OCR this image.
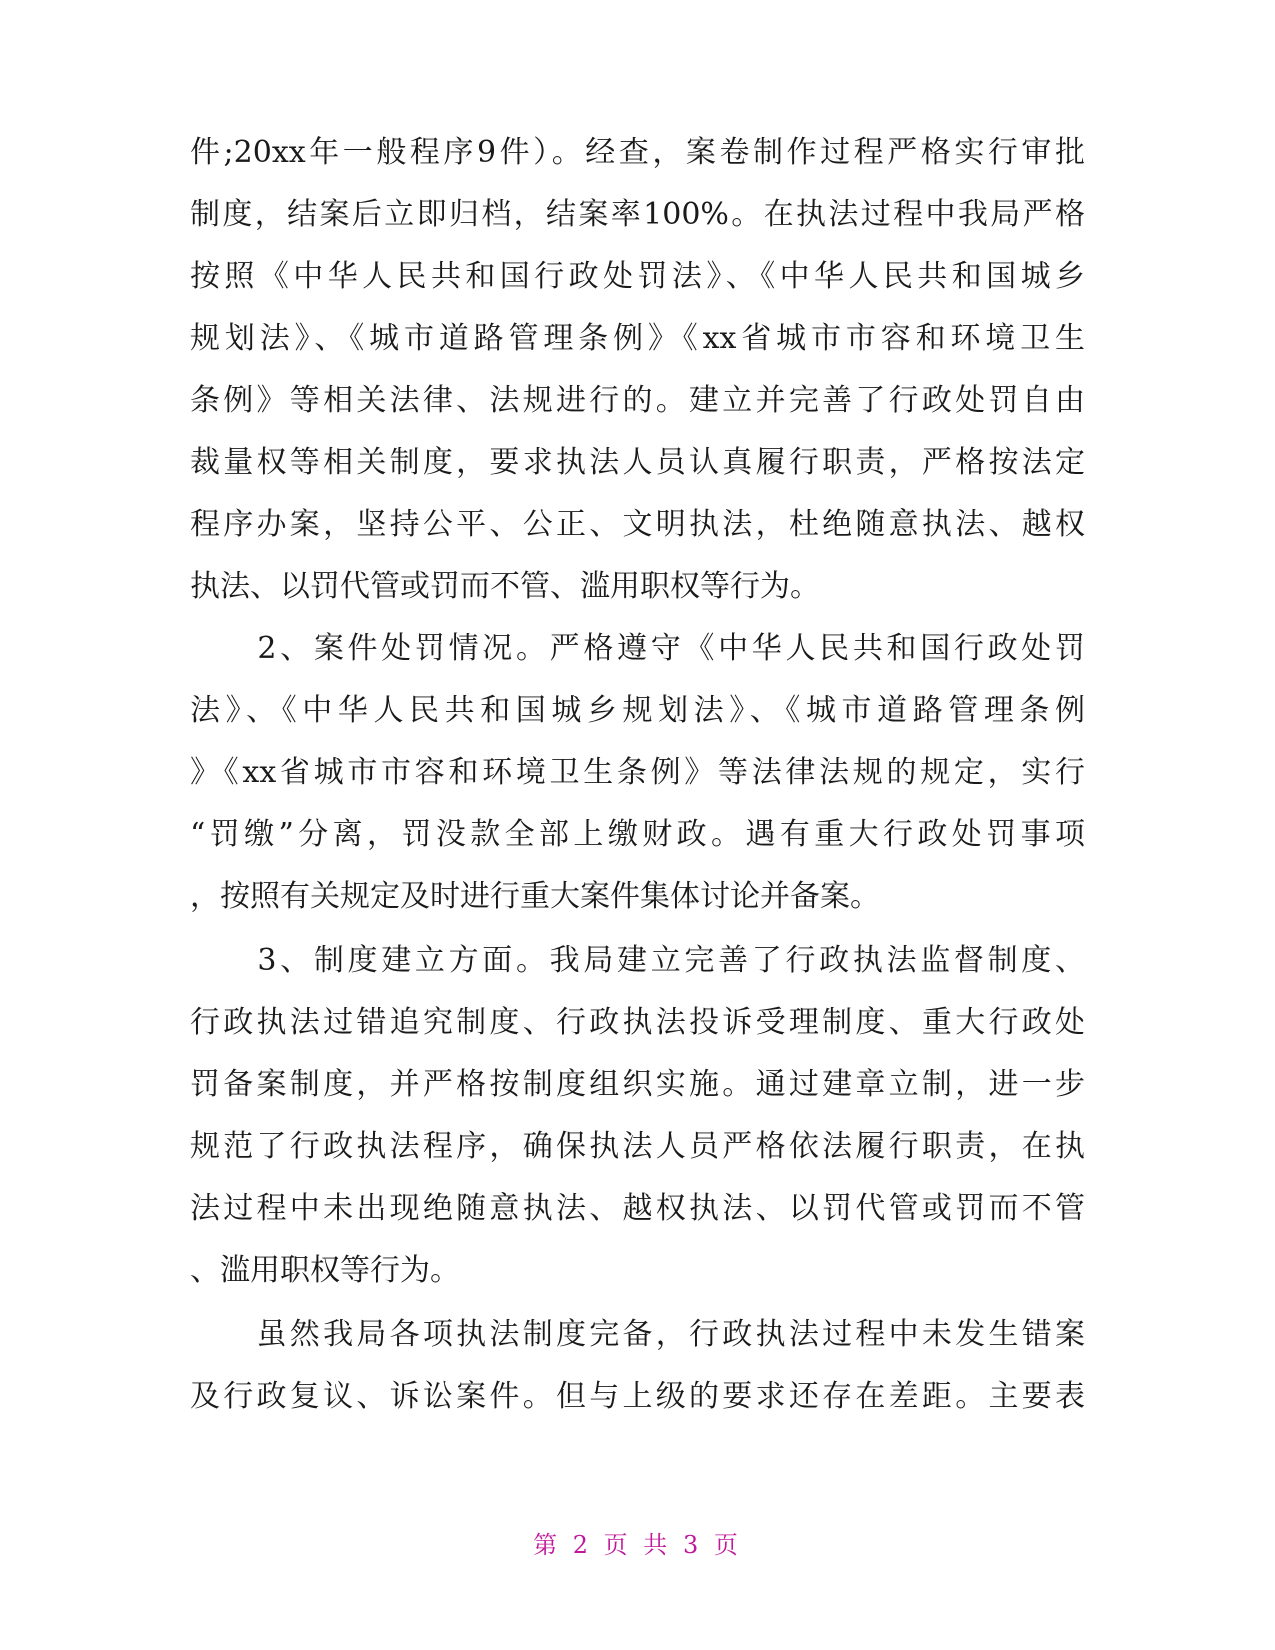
件;20xx年一般程序9件）。经查，案卷制作过程严格实行审批
制度，结案后立即归档，结案率100%。在执法过程中我局严格
按照《中华人民共和国行政处罚法》、《中华人民共和国城乡
规划法》、《城市道路管理条例》《xx省城市市容和环境卫生
条例》等相关法律、法规进行的。建立并完善了行政处罚自由
裁量权等相关制度，要求执法人员认真履行职责，严格按法定
程序办案，坚持公平、公正、文明执法，杜绝随意执法、越权
执法、以罚代管或罚而不管、滥用职权等行为。
　　2、案件处罚情况。严格遵守《中华人民共和国行政处罚
法》、《中华人民共和国城乡规划法》、《城市道路管理条例
》《xx省城市市容和环境卫生条例》等法律法规的规定，实行
“罚缴”分离，罚没款全部上缴财政。遇有重大行政处罚事项
，按照有关规定及时进行重大案件集体讨论并备案。
　　3、制度建立方面。我局建立完善了行政执法监督制度、
行政执法过错追究制度、行政执法投诉受理制度、重大行政处
罚备案制度，并严格按制度组织实施。通过建章立制，进一步
规范了行政执法程序，确保执法人员严格依法履行职责，在执
法过程中未出现绝随意执法、越权执法、以罚代管或罚而不管
、滥用职权等行为。
　　虽然我局各项执法制度完备，行政执法过程中未发生错案
及行政复议、诉讼案件。但与上级的要求还存在差距。主要表
第 2 页 共 3 页
